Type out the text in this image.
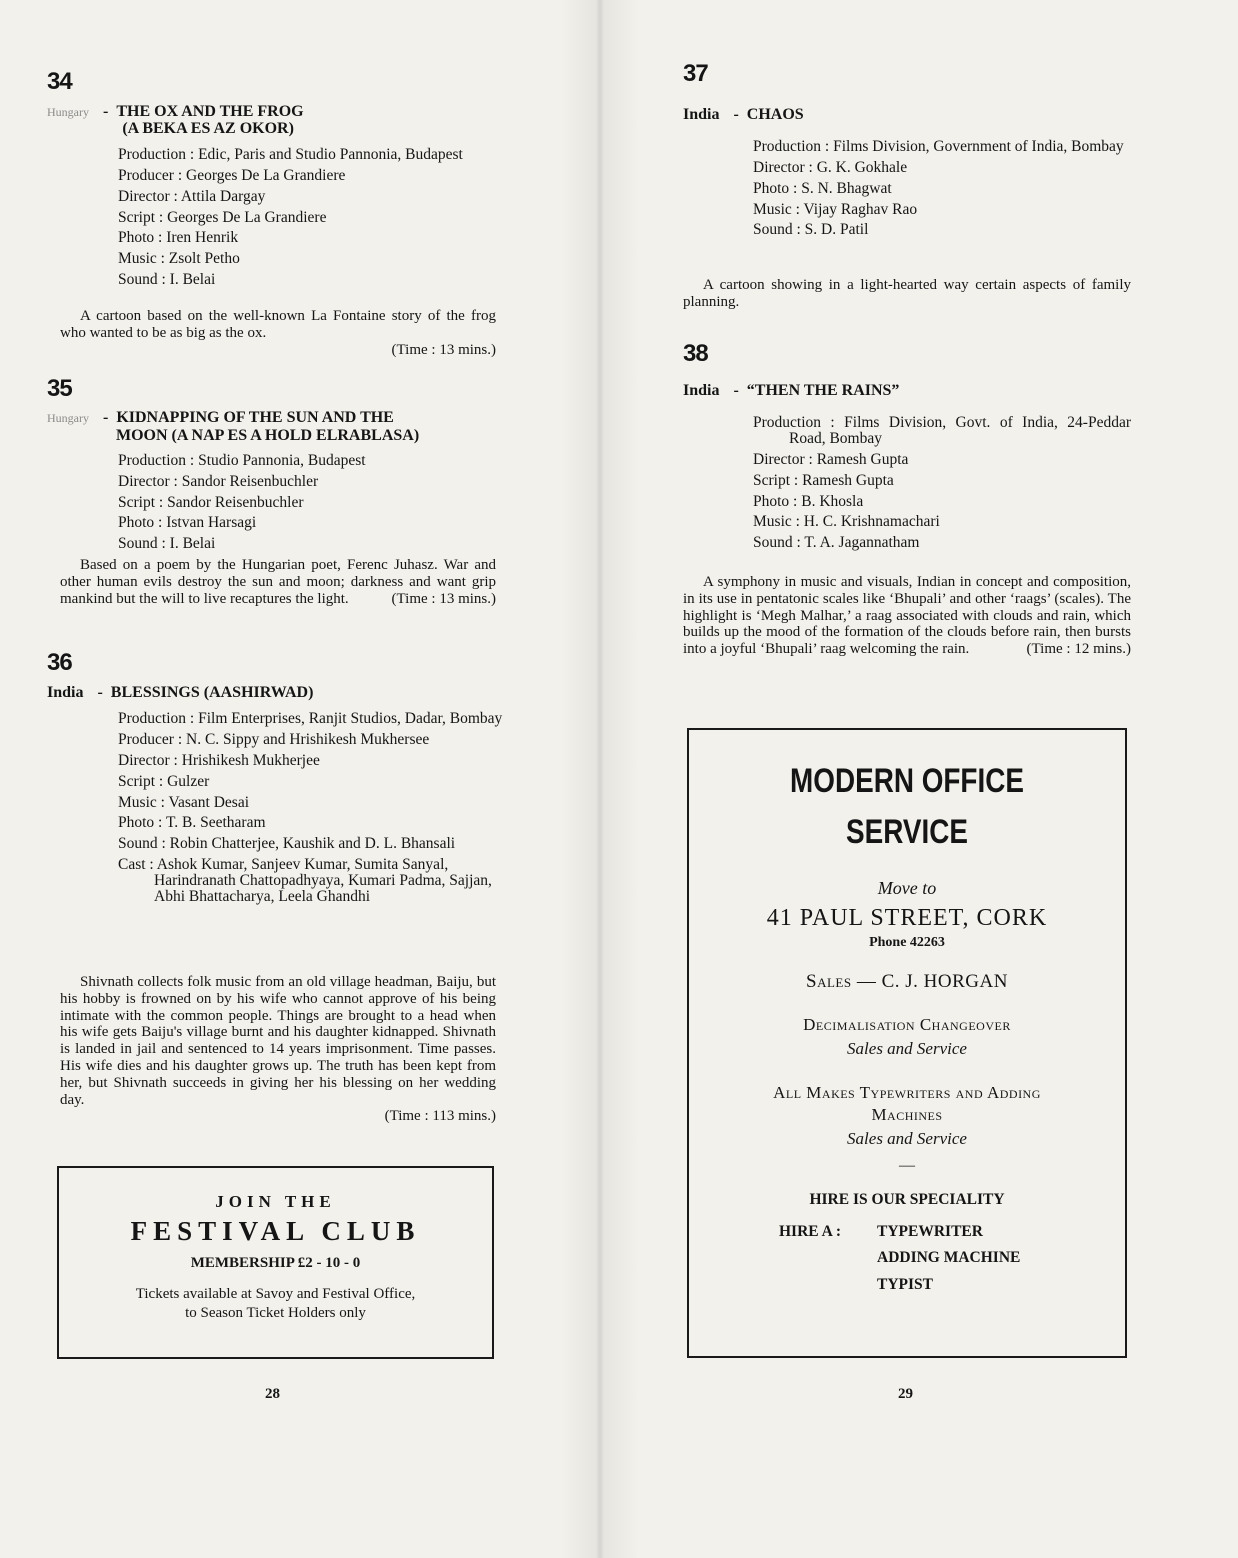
34
Hungary - THE OX AND THE FROG
(A BEKA ES AZ OKOR)
Production : Edic, Paris and Studio Pannonia, Budapest
Producer : Georges De La Grandiere
Director : Attila Dargay
Script : Georges De La Grandiere
Photo : Iren Henrik
Music : Zsolt Petho
Sound : I. Belai
A cartoon based on the well-known La Fontaine story of the frog who wanted to be as big as the ox.
(Time : 13 mins.)
35
Hungary - KIDNAPPING OF THE SUN AND THE
MOON (A NAP ES A HOLD ELRABLASA)
Production : Studio Pannonia, Budapest
Director : Sandor Reisenbuchler
Script : Sandor Reisenbuchler
Photo : Istvan Harsagi
Sound : I. Belai
Based on a poem by the Hungarian poet, Ferenc Juhasz. War and other human evils destroy the sun and moon; darkness and want grip mankind but the will to live recaptures the light.	(Time : 13 mins.)
36
India - BLESSINGS (AASHIRWAD)
Production : Film Enterprises, Ranjit Studios, Dadar, Bombay
Producer : N. C. Sippy and Hrishikesh Mukhersee
Director : Hrishikesh Mukherjee
Script : Gulzer
Music : Vasant Desai
Photo : T. B. Seetharam
Sound : Robin Chatterjee, Kaushik and D. L. Bhansali
Cast : Ashok Kumar, Sanjeev Kumar, Sumita Sanyal, Harindranath Chattopadhyaya, Kumari Padma, Sajjan, Abhi Bhattacharya, Leela Ghandhi
Shivnath collects folk music from an old village headman, Baiju, but his hobby is frowned on by his wife who cannot approve of his being intimate with the common people. Things are brought to a head when his wife gets Baiju's village burnt and his daughter kidnapped. Shivnath is landed in jail and sentenced to 14 years imprisonment. Time passes. His wife dies and his daughter grows up. The truth has been kept from her, but Shivnath succeeds in giving her his blessing on her wedding day.
(Time : 113 mins.)
JOIN THE
FESTIVAL CLUB
MEMBERSHIP £2 - 10 - 0
Tickets available at Savoy and Festival Office,
to Season Ticket Holders only
28
37
India - CHAOS
Production : Films Division, Government of India, Bombay
Director : G. K. Gokhale
Photo : S. N. Bhagwat
Music : Vijay Raghav Rao
Sound : S. D. Patil
A cartoon showing in a light-hearted way certain aspects of family planning.
38
India - “THEN THE RAINS”
Production : Films Division, Govt. of India, 24-Peddar Road, Bombay
Director : Ramesh Gupta
Script : Ramesh Gupta
Photo : B. Khosla
Music : H. C. Krishnamachari
Sound : T. A. Jagannatham
A symphony in music and visuals, Indian in concept and composition, in its use in pentatonic scales like ‘Bhupali’ and other ‘raags’ (scales). The highlight is ‘Megh Malhar,’ a raag associated with clouds and rain, which builds up the mood of the formation of the clouds before rain, then bursts into a joyful ‘Bhupali’ raag welcoming the rain.	(Time : 12 mins.)
MODERN OFFICE
SERVICE
Move to
41 PAUL STREET, CORK
Phone 42263
Sales — C. J. HORGAN
Decimalisation Changeover
Sales and Service
All Makes Typewriters and Adding
Machines
Sales and Service
—
HIRE IS OUR SPECIALITY
HIRE A : TYPEWRITER
ADDING MACHINE
TYPIST
29
